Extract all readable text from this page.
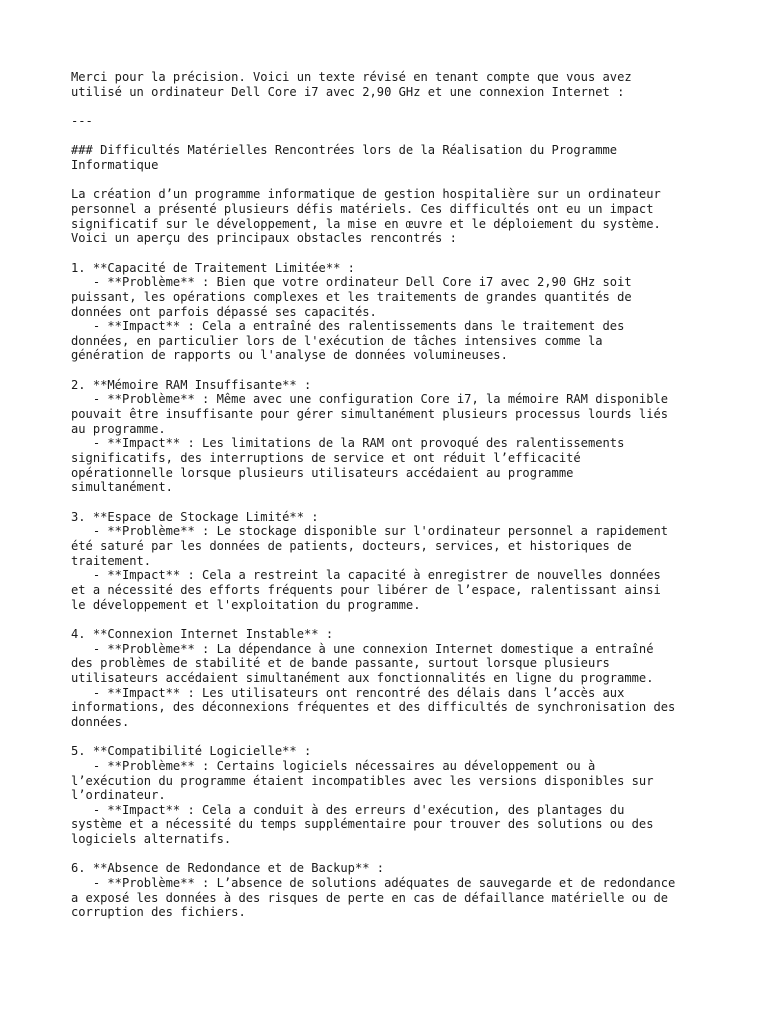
Merci pour la précision. Voici un texte révisé en tenant compte que vous avez
utilisé un ordinateur Dell Core i7 avec 2,90 GHz et une connexion Internet :
---
### Difficultés Matérielles Rencontrées lors de la Réalisation du Programme
Informatique
La création d’un programme informatique de gestion hospitalière sur un ordinateur
personnel a présenté plusieurs défis matériels. Ces difficultés ont eu un impact
significatif sur le développement, la mise en œuvre et le déploiement du système.
Voici un aperçu des principaux obstacles rencontrés :
1. **Capacité de Traitement Limitée** :
- **Problème** : Bien que votre ordinateur Dell Core i7 avec 2,90 GHz soit
puissant, les opérations complexes et les traitements de grandes quantités de
données ont parfois dépassé ses capacités.
- **Impact** : Cela a entraîné des ralentissements dans le traitement des
données, en particulier lors de l'exécution de tâches intensives comme la
génération de rapports ou l'analyse de données volumineuses.
2. **Mémoire RAM Insuffisante** :
- **Problème** : Même avec une configuration Core i7, la mémoire RAM disponible
pouvait être insuffisante pour gérer simultanément plusieurs processus lourds liés
au programme.
- **Impact** : Les limitations de la RAM ont provoqué des ralentissements
significatifs, des interruptions de service et ont réduit l’efficacité
opérationnelle lorsque plusieurs utilisateurs accédaient au programme
simultanément.
3. **Espace de Stockage Limité** :
- **Problème** : Le stockage disponible sur l'ordinateur personnel a rapidement
été saturé par les données de patients, docteurs, services, et historiques de
traitement.
- **Impact** : Cela a restreint la capacité à enregistrer de nouvelles données
et a nécessité des efforts fréquents pour libérer de l’espace, ralentissant ainsi
le développement et l'exploitation du programme.
4. **Connexion Internet Instable** :
- **Problème** : La dépendance à une connexion Internet domestique a entraîné
des problèmes de stabilité et de bande passante, surtout lorsque plusieurs
utilisateurs accédaient simultanément aux fonctionnalités en ligne du programme.
- **Impact** : Les utilisateurs ont rencontré des délais dans l’accès aux
informations, des déconnexions fréquentes et des difficultés de synchronisation des
données.
5. **Compatibilité Logicielle** :
- **Problème** : Certains logiciels nécessaires au développement ou à
l’exécution du programme étaient incompatibles avec les versions disponibles sur
l’ordinateur.
- **Impact** : Cela a conduit à des erreurs d'exécution, des plantages du
système et a nécessité du temps supplémentaire pour trouver des solutions ou des
logiciels alternatifs.
6. **Absence de Redondance et de Backup** :
- **Problème** : L’absence de solutions adéquates de sauvegarde et de redondance
a exposé les données à des risques de perte en cas de défaillance matérielle ou de
corruption des fichiers.
